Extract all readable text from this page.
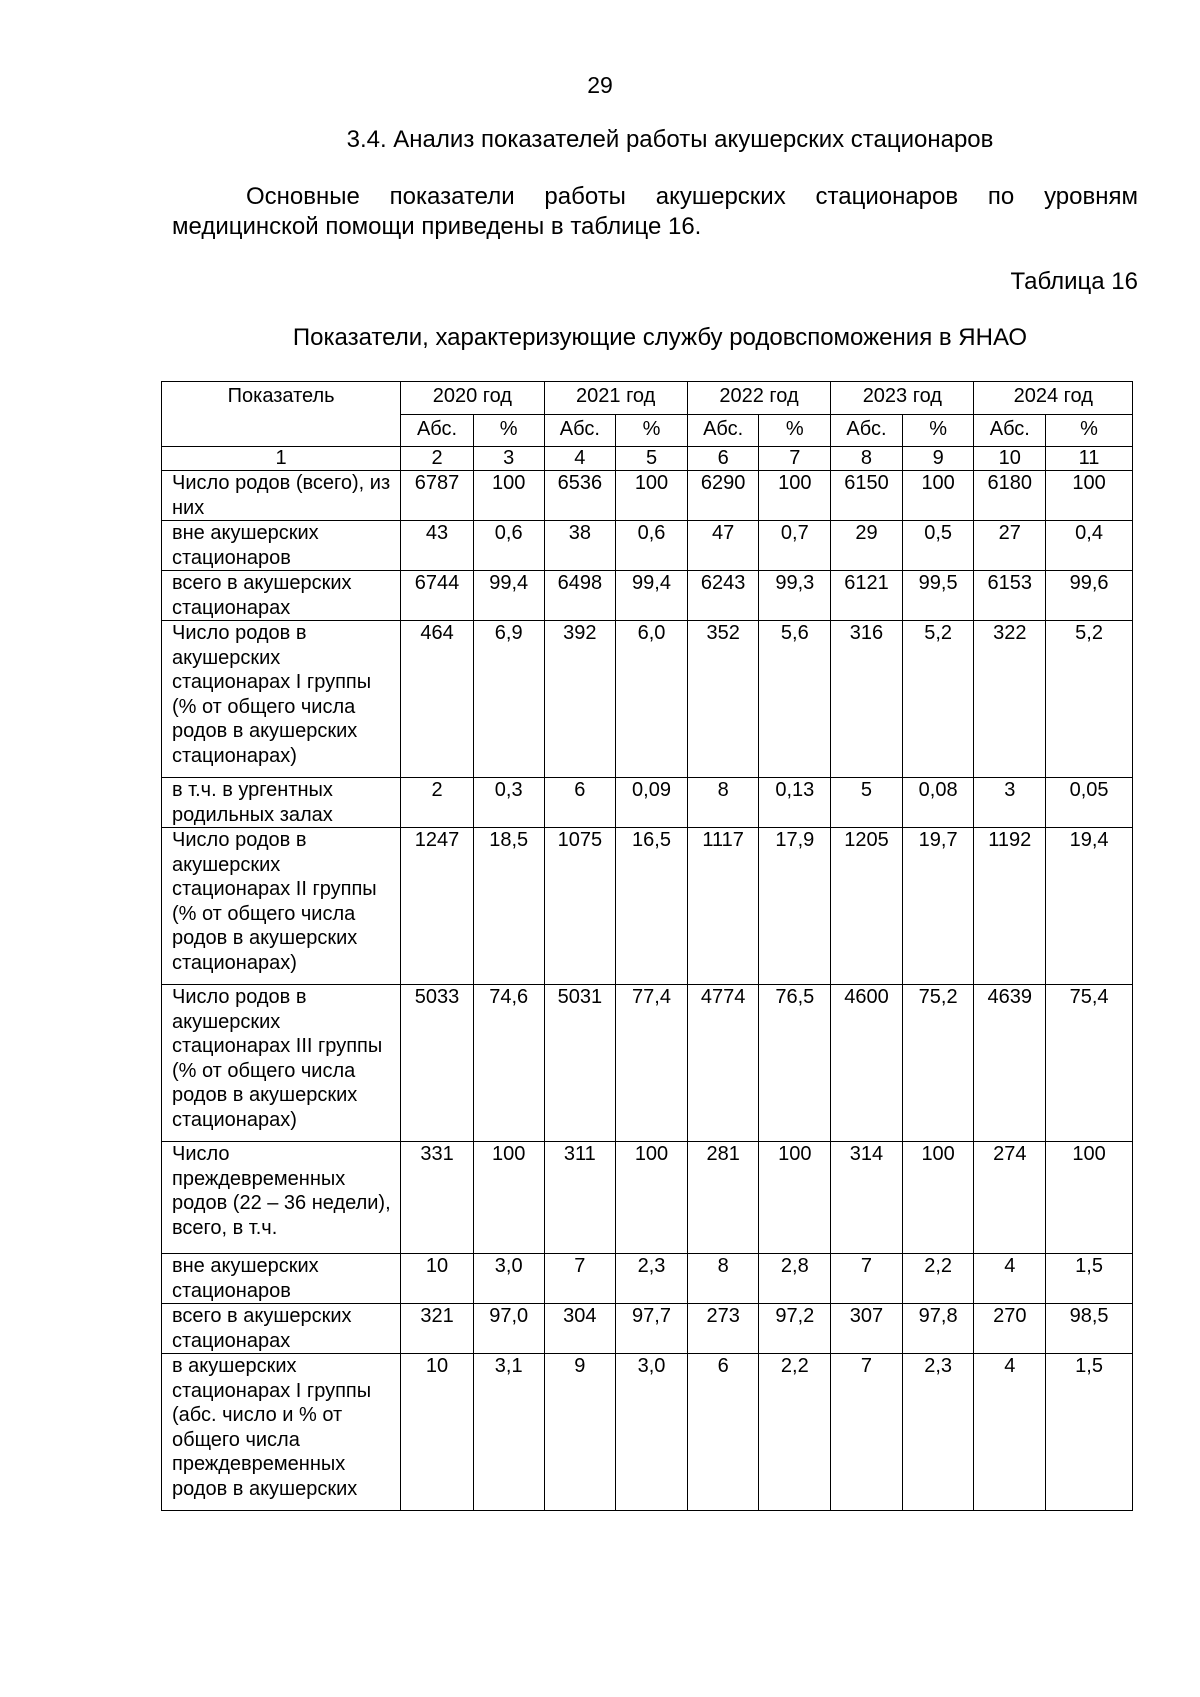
29
3.4. Анализ показателей работы акушерских стационаров
Основные показатели работы акушерских стационаров по уровням медицинской помощи приведены в таблице 16.
Таблица 16
Показатели, характеризующие службу родовспоможения в ЯНАО
Показатель	2020 год		2021 год		2022 год		2023 год		2024 год	
	Абс.	%	Абс.	%	Абс.	%	Абс.	%	Абс.	%
1	2	3	4	5	6	7	8	9	10	11
Число родов (всего), из них	6787	100	6536	100	6290	100	6150	100	6180	100
вне акушерских стационаров	43	0,6	38	0,6	47	0,7	29	0,5	27	0,4
всего в акушерских стационарах	6744	99,4	6498	99,4	6243	99,3	6121	99,5	6153	99,6
Число родов в акушерских стационарах I группы (% от общего числа родов в акушерских стационарах)	464	6,9	392	6,0	352	5,6	316	5,2	322	5,2
в т.ч. в ургентных родильных залах	2	0,3	6	0,09	8	0,13	5	0,08	3	0,05
Число родов в акушерских стационарах II группы (% от общего числа родов в акушерских стационарах)	1247	18,5	1075	16,5	1117	17,9	1205	19,7	1192	19,4
Число родов в акушерских стационарах III группы (% от общего числа родов в акушерских стационарах)	5033	74,6	5031	77,4	4774	76,5	4600	75,2	4639	75,4
Число преждевременных родов (22 – 36 недели), всего, в т.ч.	331	100	311	100	281	100	314	100	274	100
вне акушерских стационаров	10	3,0	7	2,3	8	2,8	7	2,2	4	1,5
всего в акушерских стационарах	321	97,0	304	97,7	273	97,2	307	97,8	270	98,5
в акушерских стационарах I группы (абс. число и % от общего числа преждевременных родов в акушерских	10	3,1	9	3,0	6	2,2	7	2,3	4	1,5
